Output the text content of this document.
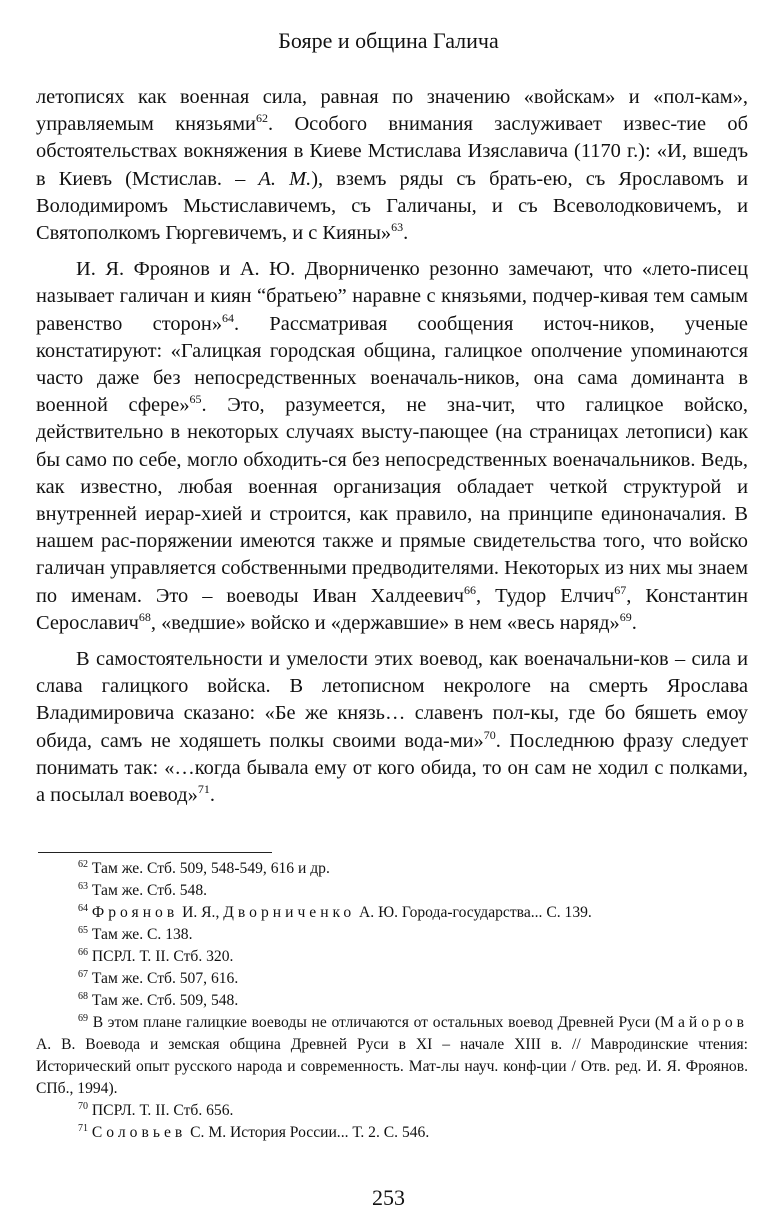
Бояре и община Галича

летописях как военная сила, равная по значению «войскам» и «пол-кам», управляемым князьями$^{62}$. Особого внимания заслуживает извес-тие об обстоятельствах вокняжения в Киеве Мстислава Изяславича (1170 г.): «И, вшедъ в Киевъ (Мстислав. – А. М.), вземъ ряды съ брать-ею, съ Ярославомъ и Володимиромъ Мьстиславичемъ, съ Галичаны, и съ Всеволодковичемъ, и Святополкомъ Гюргевичемъ, и с Кияны»$^{63}$.

И. Я. Фроянов и А. Ю. Дворниченко резонно замечают, что «лето-писец называет галичан и киян “братьею” наравне с князьями, подчер-кивая тем самым равенство сторон»$^{64}$. Рассматривая сообщения источ-ников, ученые констатируют: «Галицкая городская община, галицкое ополчение упоминаются часто даже без непосредственных военачаль-ников, она сама доминанта в военной сфере»$^{65}$. Это, разумеется, не зна-чит, что галицкое войско, действительно в некоторых случаях высту-пающее (на страницах летописи) как бы само по себе, могло обходить-ся без непосредственных военачальников. Ведь, как известно, любая военная организация обладает четкой структурой и внутренней иерар-хией и строится, как правило, на принципе единоначалия. В нашем рас-поряжении имеются также и прямые свидетельства того, что войско галичан управляется собственными предводителями. Некоторых из них мы знаем по именам. Это – воеводы Иван Халдеевич$^{66}$, Тудор Елчич$^{67}$, Константин Серославич$^{68}$, «ведшие» войско и «державшие» в нем «весь наряд»$^{69}$.

В самостоятельности и умелости этих воевод, как военачальни-ков – сила и слава галицкого войска. В летописном некрологе на смерть Ярослава Владимировича сказано: «Бе же князь… славенъ пол-кы, где бо бяшеть емоу обида, самъ не ходяшеть полкы своими вода-ми»$^{70}$. Последнюю фразу следует понимать так: «…когда бывала ему от кого обида, то он сам не ходил с полками, а посылал воевод»$^{71}$.

$^{62}$ Там же. Стб. 509, 548-549, 616 и др.

$^{63}$ Там же. Стб. 548.

$^{64}$ Фроянов И. Я., Дворниченко А. Ю. Города-государства... С. 139.

$^{65}$ Там же. С. 138.

$^{66}$ ПСРЛ. Т. II. Стб. 320.

$^{67}$ Там же. Стб. 507, 616.

$^{68}$ Там же. Стб. 509, 548.

$^{69}$ В этом плане галицкие воеводы не отличаются от остальных воевод Древней Руси (Майоров А. В. Воевода и земская община Древней Руси в XI – начале XIII в. // Мавродинские чтения: Исторический опыт русского народа и современность. Мат-лы науч. конф-ции / Отв. ред. И. Я. Фроянов. СПб., 1994).

$^{70}$ ПСРЛ. Т. II. Стб. 656.

$^{71}$ Соловьев С. М. История России... Т. 2. С. 546.

253
